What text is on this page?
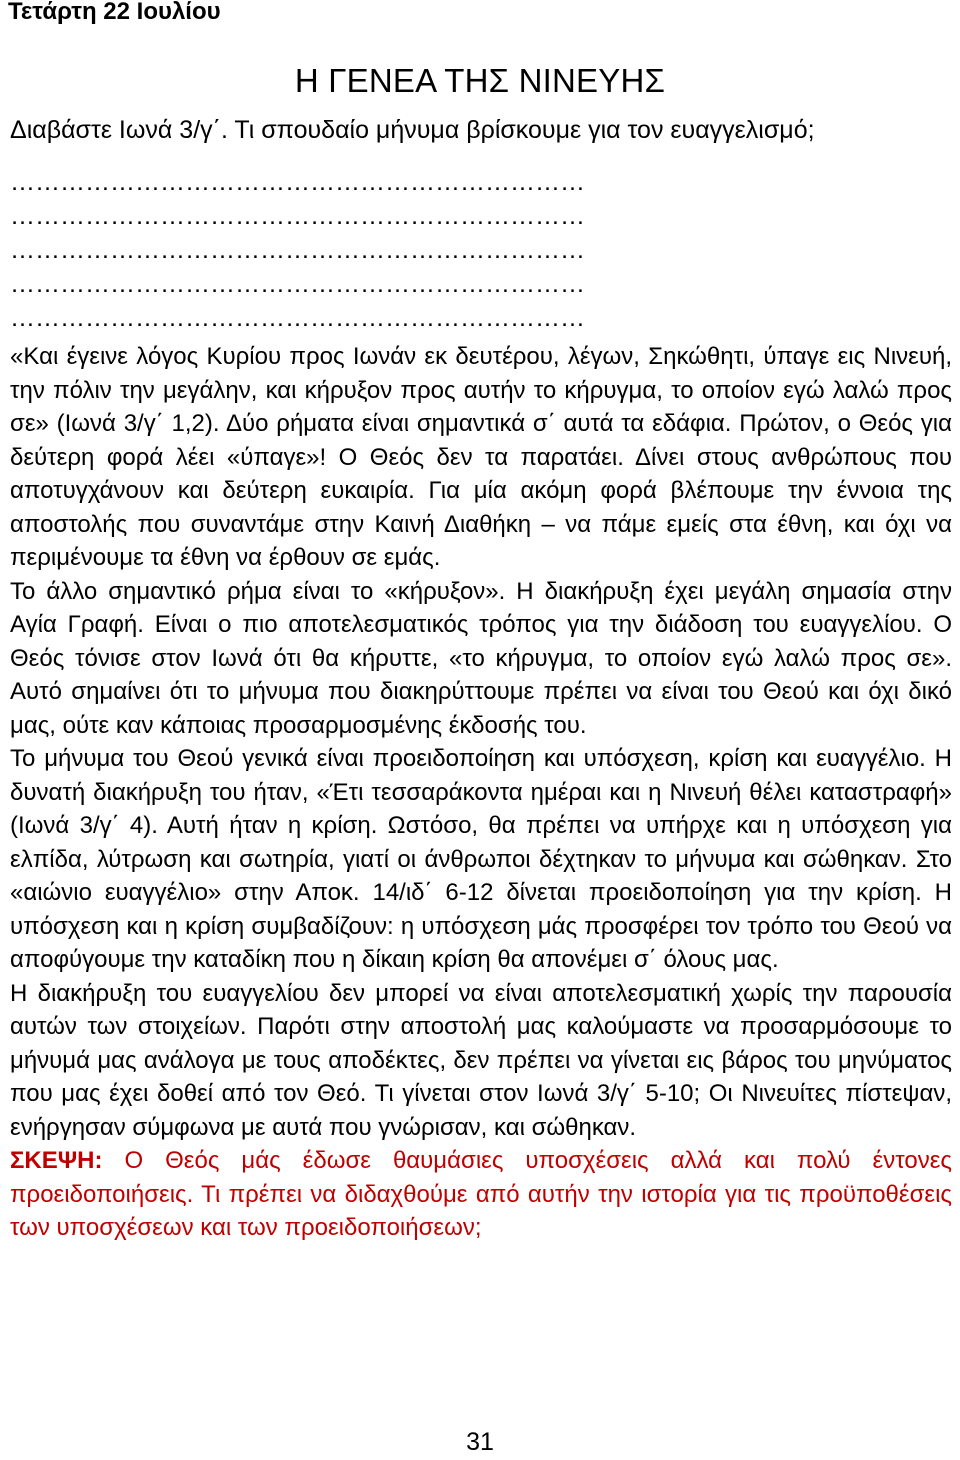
Τετάρτη 22 Ιουλίου
Η ΓΕΝΕΑ ΤΗΣ ΝΙΝΕΥΗΣ
Διαβάστε Ιωνά 3/γ΄. Τι σπουδαίο μήνυμα βρίσκουμε για τον ευαγγελισμό;
……………………………………………………………
……………………………………………………………
……………………………………………………………
……………………………………………………………
……………………………………………………………

«Και έγεινε λόγος Κυρίου προς Ιωνάν εκ δευτέρου, λέγων, Σηκώθητι, ύπαγε εις Νινευή, την πόλιν την μεγάλην, και κήρυξον προς αυτήν το κήρυγμα, το οποίον εγώ λαλώ προς σε» (Ιωνά 3/γ΄ 1,2). Δύο ρήματα είναι σημαντικά σ΄ αυτά τα εδάφια. Πρώτον, ο Θεός για δεύτερη φορά λέει «ύπαγε»! Ο Θεός δεν τα παρατάει. Δίνει στους ανθρώπους που αποτυγχάνουν και δεύτερη ευκαιρία. Για μία ακόμη φορά βλέπουμε την έννοια της αποστολής που συναντάμε στην Καινή Διαθήκη – να πάμε εμείς στα έθνη, και όχι να περιμένουμε τα έθνη να έρθουν σε εμάς.

Το άλλο σημαντικό ρήμα είναι το «κήρυξον». Η διακήρυξη έχει μεγάλη σημασία στην Αγία Γραφή. Είναι ο πιο αποτελεσματικός τρόπος για την διάδοση του ευαγγελίου. Ο Θεός τόνισε στον Ιωνά ότι θα κήρυττε, «το κήρυγμα, το οποίον εγώ λαλώ προς σε». Αυτό σημαίνει ότι το μήνυμα που διακηρύττουμε πρέπει να είναι του Θεού και όχι δικό μας, ούτε καν κάποιας προσαρμοσμένης έκδοσής του.

Το μήνυμα του Θεού γενικά είναι προειδοποίηση και υπόσχεση, κρίση και ευαγγέλιο. Η δυνατή διακήρυξη του ήταν, «Έτι τεσσαράκοντα ημέραι και η Νινευή θέλει καταστραφή» (Ιωνά 3/γ΄ 4). Αυτή ήταν η κρίση. Ωστόσο, θα πρέπει να υπήρχε και η υπόσχεση για ελπίδα, λύτρωση και σωτηρία, γιατί οι άνθρωποι δέχτηκαν το μήνυμα και σώθηκαν. Στο «αιώνιο ευαγγέλιο» στην Αποκ. 14/ιδ΄ 6-12 δίνεται προειδοποίηση για την κρίση. Η υπόσχεση και η κρίση συμβαδίζουν: η υπόσχεση μάς προσφέρει τον τρόπο του Θεού να αποφύγουμε την καταδίκη που η δίκαιη κρίση θα απονέμει σ΄ όλους μας.

Η διακήρυξη του ευαγγελίου δεν μπορεί να είναι αποτελεσματική χωρίς την παρουσία αυτών των στοιχείων. Παρότι στην αποστολή μας καλούμαστε να προσαρμόσουμε το μήνυμά μας ανάλογα με τους αποδέκτες, δεν πρέπει να γίνεται εις βάρος του μηνύματος που μας έχει δοθεί από τον Θεό. Τι γίνεται στον Ιωνά 3/γ΄ 5-10; Οι Νινευίτες πίστεψαν, ενήργησαν σύμφωνα με αυτά που γνώρισαν, και σώθηκαν.

ΣΚΕΨΗ: Ο Θεός μάς έδωσε θαυμάσιες υποσχέσεις αλλά και πολύ έντονες προειδοποιήσεις. Τι πρέπει να διδαχθούμε από αυτήν την ιστορία για τις προϋποθέσεις των υποσχέσεων και των προειδοποιήσεων;

31
